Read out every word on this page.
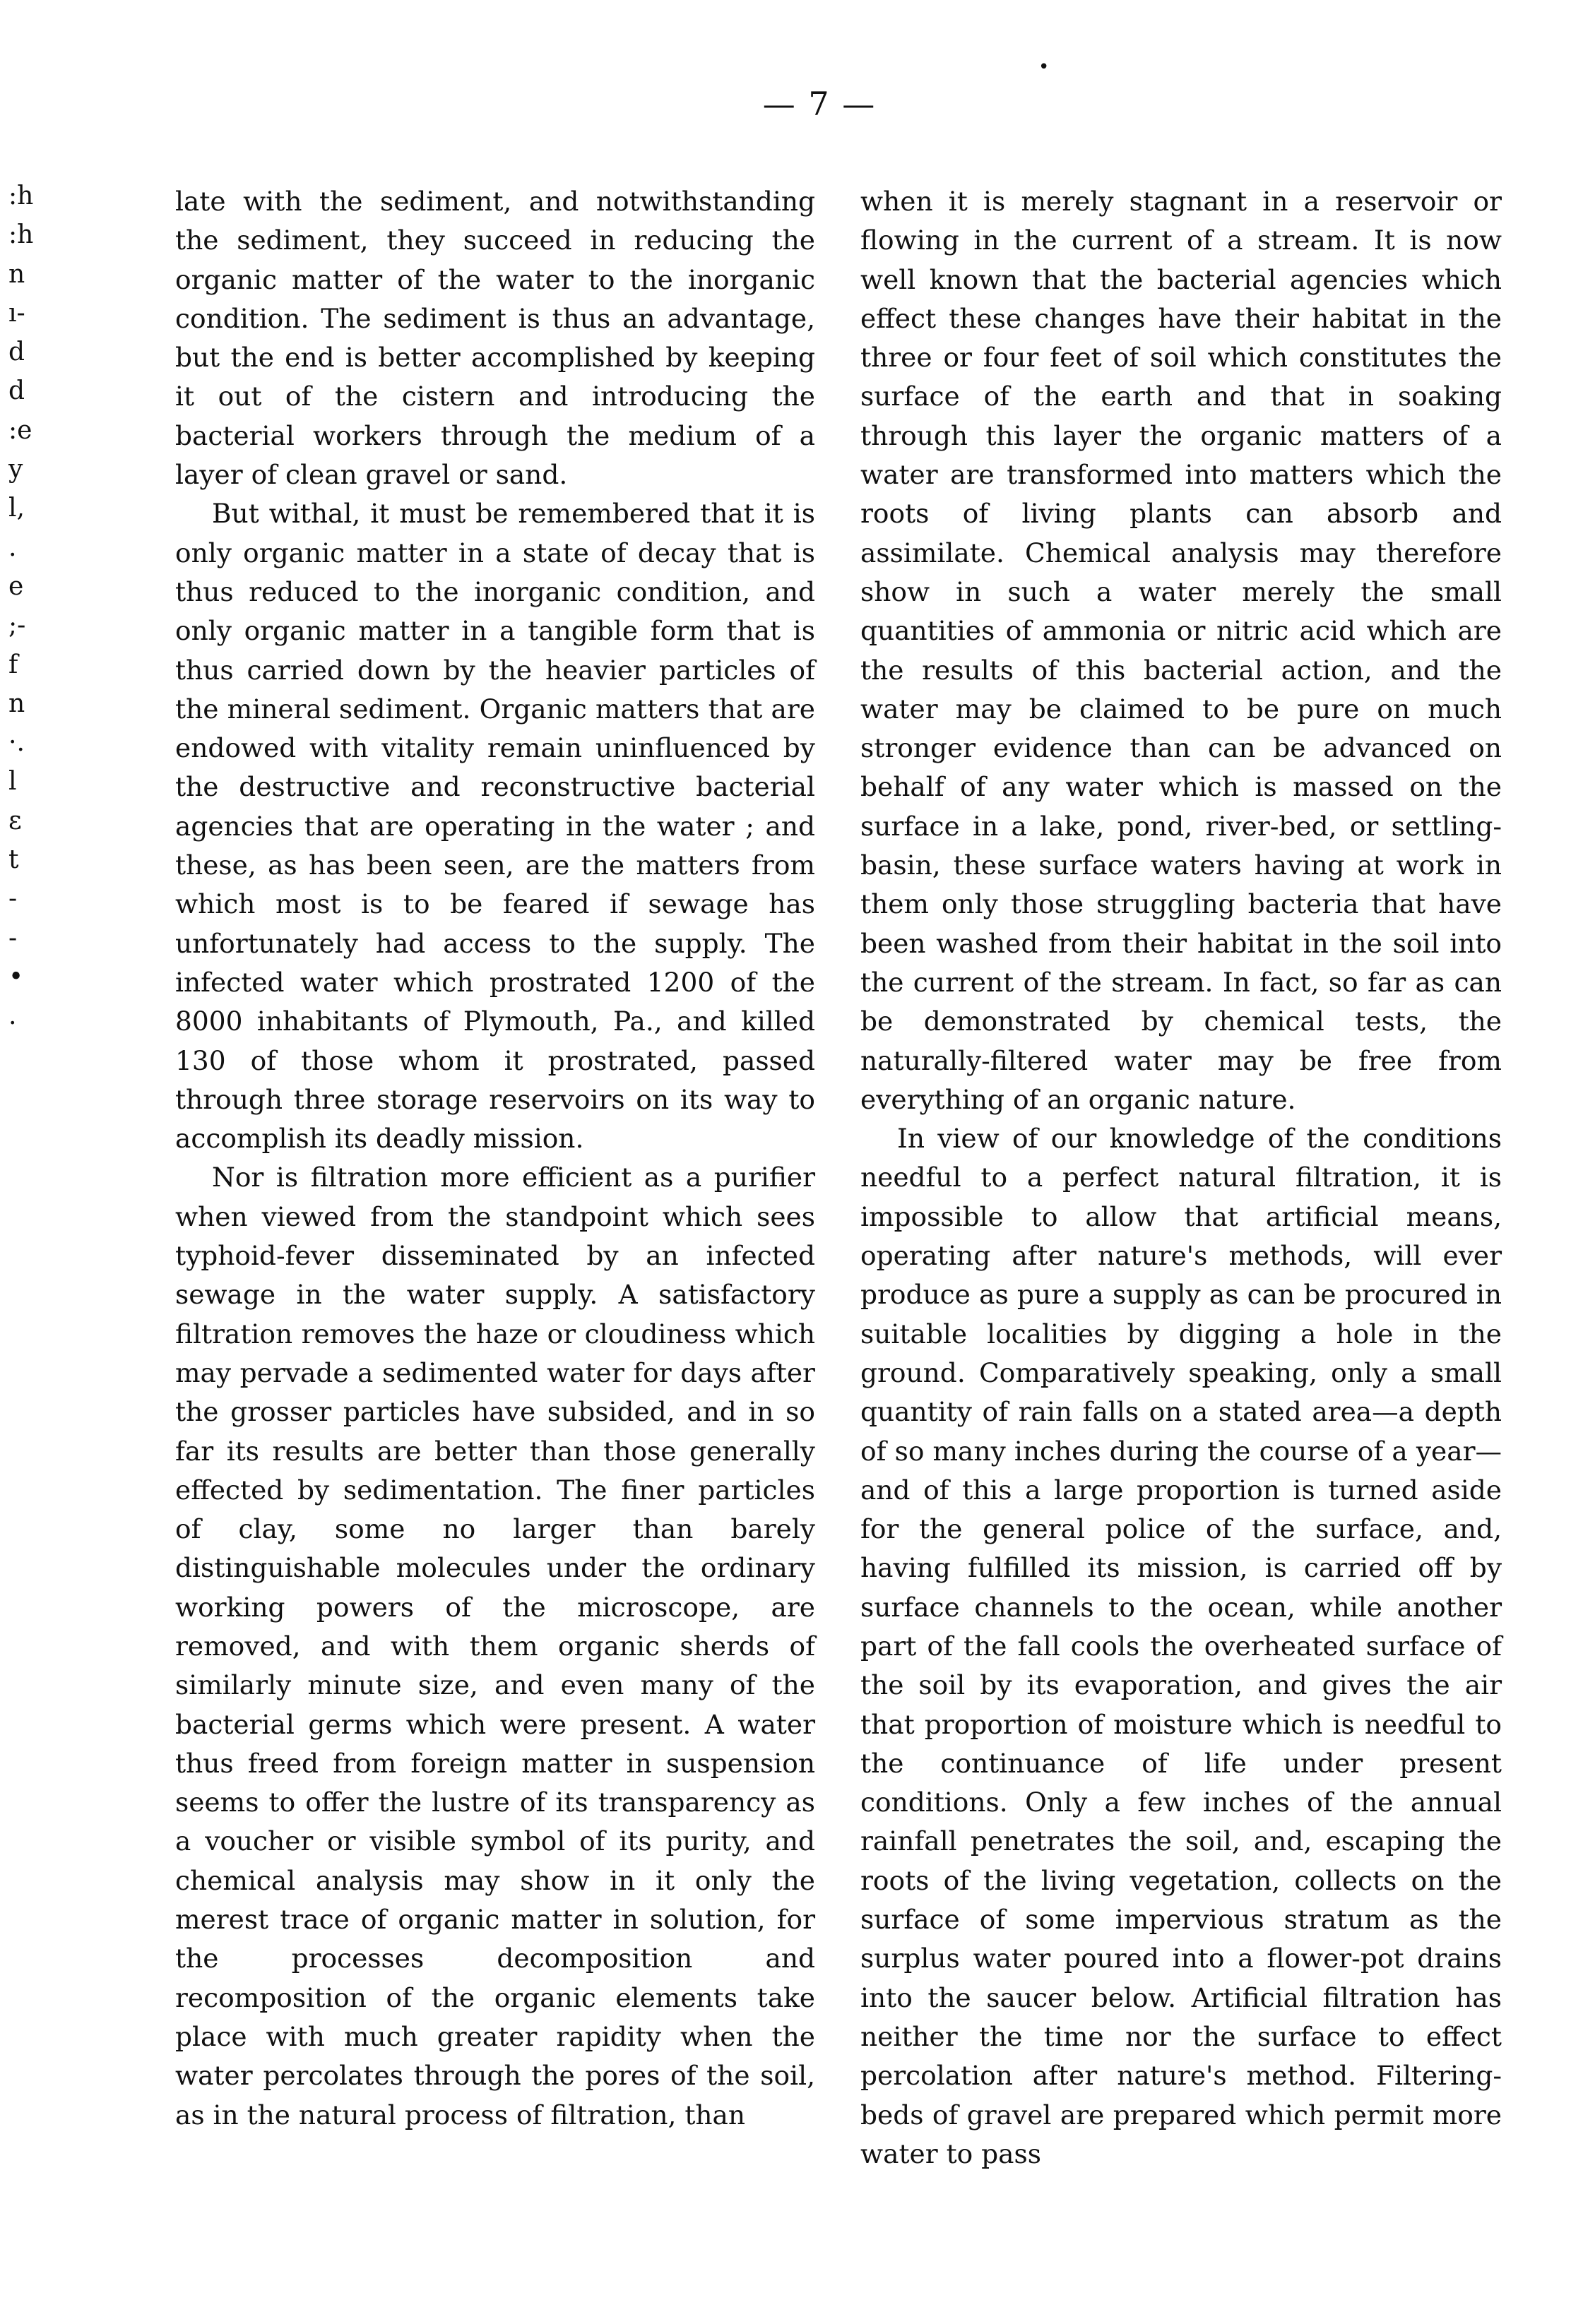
— 7 —
•
:h
:h
n
ı-
d
d
:e
y
l,
.
e
;-
f
n
·.
l
ɛ
t
-
-
•
.

late with the sediment, and notwithstanding the sediment, they succeed in reducing the organic matter of the water to the inorganic condition. The sediment is thus an advantage, but the end is better accomplished by keeping it out of the cistern and introducing the bacterial workers through the medium of a layer of clean gravel or sand.

But withal, it must be remembered that it is only organic matter in a state of decay that is thus reduced to the inorganic condition, and only organic matter in a tangible form that is thus carried down by the heavier particles of the mineral sediment. Organic matters that are endowed with vitality remain uninfluenced by the destructive and reconstructive bacterial agencies that are operating in the water ; and these, as has been seen, are the matters from which most is to be feared if sewage has unfortunately had access to the supply. The infected water which prostrated 1200 of the 8000 inhabitants of Plymouth, Pa., and killed 130 of those whom it prostrated, passed through three storage reservoirs on its way to accomplish its deadly mission.

Nor is filtration more efficient as a purifier when viewed from the standpoint which sees typhoid-fever disseminated by an infected sewage in the water supply. A satisfactory filtration removes the haze or cloudiness which may pervade a sedimented water for days after the grosser particles have subsided, and in so far its results are better than those generally effected by sedimentation. The finer particles of clay, some no larger than barely distinguishable molecules under the ordinary working powers of the microscope, are removed, and with them organic sherds of similarly minute size, and even many of the bacterial germs which were present. A water thus freed from foreign matter in suspension seems to offer the lustre of its transparency as a voucher or visible symbol of its purity, and chemical analysis may show in it only the merest trace of organic matter in solution, for the processes decomposition and recomposition of the organic elements take place with much greater rapidity when the water percolates through the pores of the soil, as in the natural process of filtration, than

when it is merely stagnant in a reservoir or flowing in the current of a stream. It is now well known that the bacterial agencies which effect these changes have their habitat in the three or four feet of soil which constitutes the surface of the earth and that in soaking through this layer the organic matters of a water are transformed into matters which the roots of living plants can absorb and assimilate. Chemical analysis may therefore show in such a water merely the small quantities of ammonia or nitric acid which are the results of this bacterial action, and the water may be claimed to be pure on much stronger evidence than can be advanced on behalf of any water which is massed on the surface in a lake, pond, river-bed, or settling-basin, these surface waters having at work in them only those struggling bacteria that have been washed from their habitat in the soil into the current of the stream. In fact, so far as can be demonstrated by chemical tests, the naturally-filtered water may be free from everything of an organic nature.

In view of our knowledge of the conditions needful to a perfect natural filtration, it is impossible to allow that artificial means, operating after nature's methods, will ever produce as pure a supply as can be procured in suitable localities by digging a hole in the ground. Comparatively speaking, only a small quantity of rain falls on a stated area—a depth of so many inches during the course of a year—and of this a large proportion is turned aside for the general police of the surface, and, having fulfilled its mission, is carried off by surface channels to the ocean, while another part of the fall cools the overheated surface of the soil by its evaporation, and gives the air that proportion of moisture which is needful to the continuance of life under present conditions. Only a few inches of the annual rainfall penetrates the soil, and, escaping the roots of the living vegetation, collects on the surface of some impervious stratum as the surplus water poured into a flower-pot drains into the saucer below. Artificial filtration has neither the time nor the surface to effect percolation after nature's method. Filtering-beds of gravel are prepared which permit more water to pass
